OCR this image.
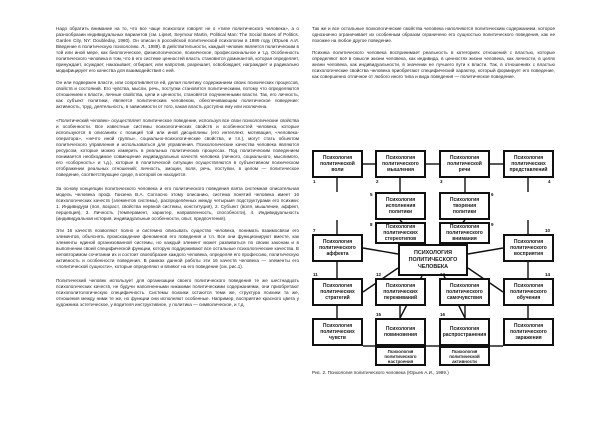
Надо обратить внимание на то, что все чаще психологи говорят не о «типе политического человека», а о разнообразии индивидуальных вариантов (см. Lipset, Seymour Martin, Political Man: The Social Bases of Politics. Garden City, NY: Doubleday, 1960). Он описан в российской политической психологии в 1989 году (Юрьев А.И. Введение в политическую психологию. Л., 1989). В действительности, каждый человек является политическим в той или иной мере, как биологическое, физиологическое, психическое, профессиональное и т.д. Особенность политического человека в том, что в его системе ценностей власть становится доминантой, которая определяет, принуждает, осуждает, наказывает, отбирает, или напротив, разрешает, освобождает, награждает и радикально модифицирует его качества для взаимодействия с ней.

Он или подвержен власти, или сопротивляется ей, делая политику содержанием своих психических процессов, свойств и состояний. Его чувства, мысли, речь, поступки становятся политическими, потому что определяются отношением к власти, личные свойства, цели и ценности, становятся подчиненными власти. Так, его личность, как субъект политики, является политическим человеком, обеспечивающим политическое поведение: активность, труд, деятельность, в зависимости от того, какая власть доступна ему или исключена.

«Политический человек» осуществляет политическое поведение, используя все свои психологические свойства и особенности. Все известные системы психологических свойств и особенностей человека, которые используются в описаниях с позиций той или иной дисциплины (его интеллект, мотивация, «человека-оператора», «нечто иной группы», социально-психологические свойства, и т.п.), могут стать объектом политического управления и использоваться для управления. Психологические качества человека являются ресурсом, которые можно измерить в реальных политических процессах. Под политическим поведением понимается необходимое совмещение индивидуальных качеств человека (личного, социального, мыслимого, его «соборность» и т.д.), которые в политической ситуации осуществляются в субъективном психическом отображении реальных отношений; личность, эмоции, воля, речь, поступки, в целом — политическое поведение, соответствующее среде, в которой он находится.

За основу концепции политического человека и его политического поведения взята системная описательная модель человека проф. Ганзена В.А. Согласно этому описанию, система понятий человека имеет 16 психологических качеств (элементов системы), распределённых между четырьмя подструктурами его психики: 1. Индивидуум (пол, возраст, свойства нервной системы, конституция), 2. Субъект (воля, мышление, аффект, перцепция), 3. Личность (темперамент, характер, направленность, способности), 4. Индивидуальность (индивидуальная история, индивидуальные особенности, опыт, предпочтения).

Эти 16 качеств позволяют полно и системно описывать существо человека, понимать взаимосвязи его элементов, объяснять происхождение феноменов его поведения и т.п. Все они функционируют вместе, как элементы единой организованной системы, но каждый элемент может развиваться по своим законам и в выполнении своей специфической функции, которую поддерживают все остальные психологические качества. В неповторимом сочетании их и состоит своеобразие каждого человека, определяя его профессию, политическую активность и особенности поведения. В рамках данной работы эти 16 качеств человека — элементы его «политической сущности», которые определяют и влияют на его поведение (см. рис.1).

Политический человек использует для организации своего политического поведения те же шестнадцать психологических качеств, не будучи наполненными никакими политическими содержаниями, они приобретают психополитологическую специфичность. Системы психики остаются теми же, структура психики та же, отношения между ними те же, но функции они исполняют особенные. Например, восприятие красного цвета у художника эстетическое, у водителя инструктивное, у политика — символическое, и т.д.

Так же и все остальные психологические свойства человека наполняются политическим содержанием, которое однозначно ограничивает их особенным образом ограничено его сущностью политического поведения, как не похожее на любое другое поведение.

Психика политического человека воспринимает реальность в категориях отношений с властью, которые определяют всё в смысле жизни человека, как индивида, в ценностях жизни человека, как личности, в целях жизни человека, как индивидуальности, в значении ее лучшего пути к власти. Так, в отношениях с властью психологические свойства человека приобретают специфический характер, который формирует его поведение, как совершенно отличное от любого иного типа и вида поведения — политическое поведение.

Психология
политической
воли
Психология
политического
мышления
Психология
политической
речи
Психология
политических
представлений
Психология
исполнения
политики
Психология
творения
политики
Психология
политического
аффекта
Психология
политических
стереотипов
Психология
политического
внимания	Психология
политического
восприятия
Психология
политических
стратегий
Психология
политических
переживаний
Психология
политического
самочувствия
Психология
политического
обучения
Психология
политических
чувств
Психология
повиновения
Психология
распространения
Психология
политического
заражения
Психология
политического
настроения
Психология
политической
активности
ПСИХОЛОГИЯ
ПОЛИТИЧЕСКОГО
ЧЕЛОВЕКА
1	2	3	4
5	6
7
8	9
10
11	12	13	14
15	16
Рис. 2. Психология политического человека (Юрьев А.И., 1989.)
